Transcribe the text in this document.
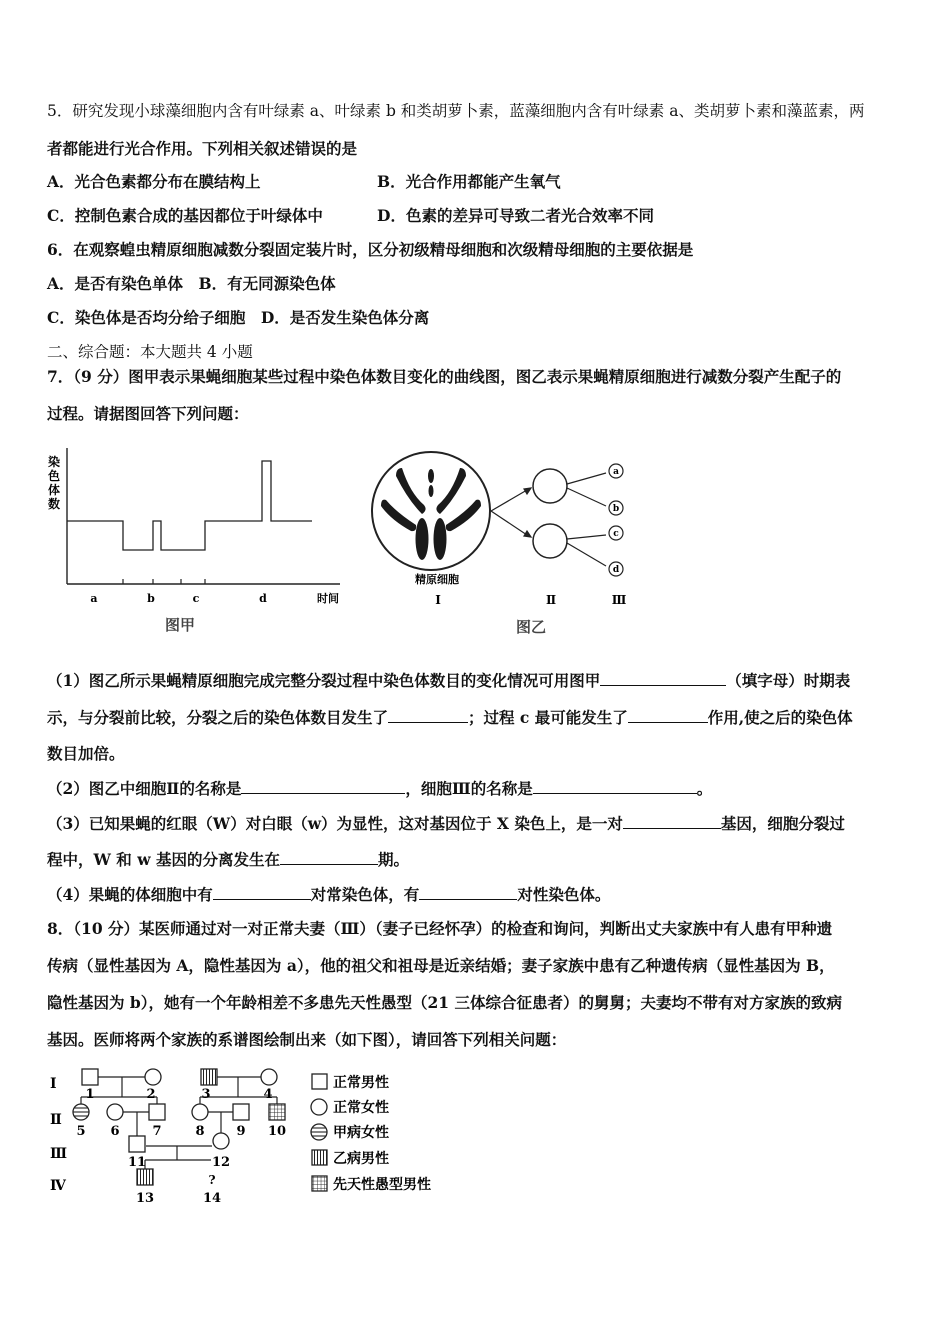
5．研究发现小球藻细胞内含有叶绿素 a、叶绿素 b 和类胡萝卜素，蓝藻细胞内含有叶绿素 a、类胡萝卜素和藻蓝素，两
者都能进行光合作用。下列相关叙述错误的是
A．光合色素都分布在膜结构上	B．光合作用都能产生氧气
C．控制色素合成的基因都位于叶绿体中	D．色素的差异可导致二者光合效率不同
6．在观察蝗虫精原细胞减数分裂固定装片时，区分初级精母细胞和次级精母细胞的主要依据是
A．是否有染色单体　B．有无同源染色体
C．染色体是否均分给子细胞　D．是否发生染色体分离
二、综合题：本大题共 4 小题
7．（9 分）图甲表示果蝇细胞某些过程中染色体数目变化的曲线图，图乙表示果蝇精原细胞进行减数分裂产生配子的
过程。请据图回答下列问题：
染
色
体
数
a	b	c	d	时间
图甲
a
b
c
d
精原细胞
Ⅰ	Ⅱ	Ⅲ
图乙
（1）图乙所示果蝇精原细胞完成完整分裂过程中染色体数目的变化情况可用图甲	（填字母）时期表
示，与分裂前比较，分裂之后的染色体数目发生了	；过程 c 最可能发生了	作用,使之后的染色体
数目加倍。
（2）图乙中细胞Ⅱ的名称是	，细胞Ⅲ的名称是	。
（3）已知果蝇的红眼（W）对白眼（w）为显性，这对基因位于 X 染色上，是一对	基因，细胞分裂过
程中，W 和 w 基因的分离发生在	期。
（4）果蝇的体细胞中有	对常染色体，有	对性染色体。
8．（10 分）某医师通过对一对正常夫妻（Ⅲ）（妻子已经怀孕）的检查和询问，判断出丈夫家族中有人患有甲种遗
传病（显性基因为 A，隐性基因为 a），他的祖父和祖母是近亲结婚；妻子家族中患有乙种遗传病（显性基因为 B，
隐性基因为 b），她有一个年龄相差不多患先天性愚型（21 三体综合征患者）的舅舅；夫妻均不带有对方家族的致病
基因。医师将两个家族的系谱图绘制出来（如下图），请回答下列相关问题：
Ⅰ
Ⅱ
Ⅲ
Ⅳ
1	2	3	4
5 6	7	8 9 10
11	12
13	14
?
正常男性
正常女性
甲病女性
乙病男性
先天性愚型男性
